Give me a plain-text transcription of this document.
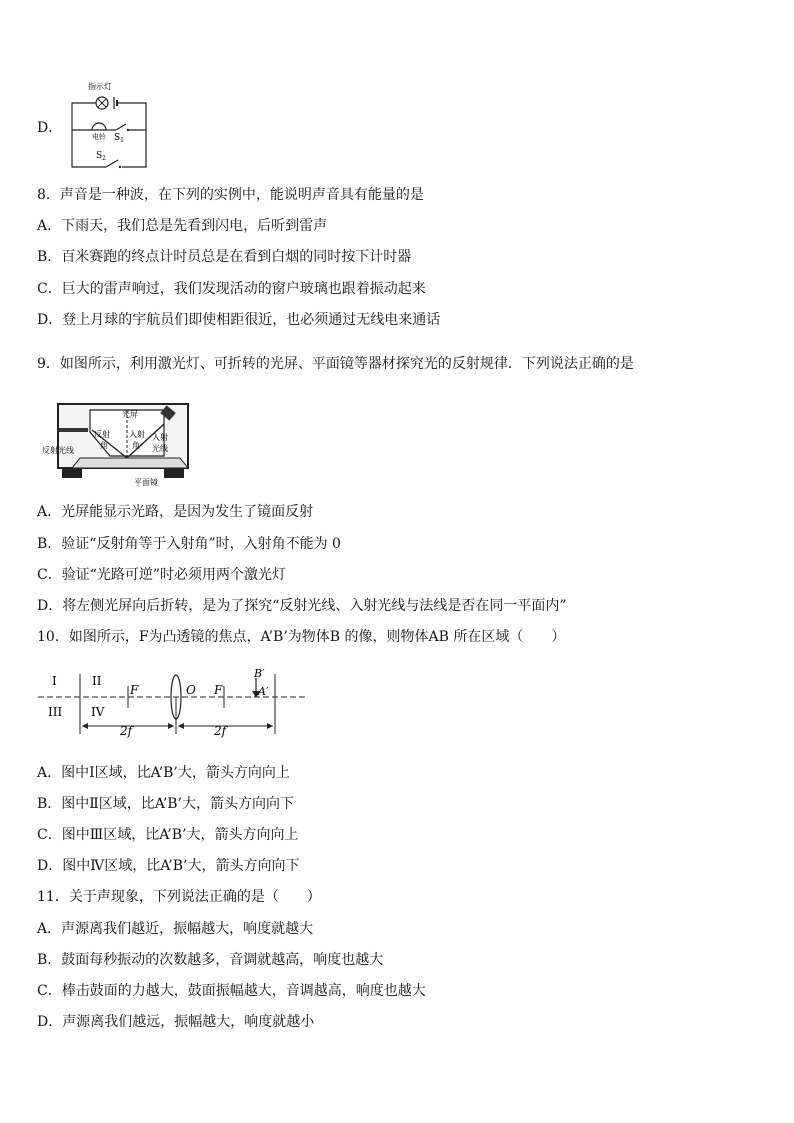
D．
指示灯
电铃 $S_1$
$S_2$
8．声音是一种波，在下列的实例中，能说明声音具有能量的是
A．下雨天，我们总是先看到闪电，后听到雷声
B．百米赛跑的终点计时员总是在看到白烟的同时按下计时器
C．巨大的雷声响过，我们发现活动的窗户玻璃也跟着振动起来
D．登上月球的宇航员们即使相距很近，也必须通过无线电来通话
9．如图所示，利用激光灯、可折转的光屏、平面镜等器材探究光的反射规律．下列说法正确的是
光屏
反射
角
入射
角
入射
光线
反射光线
平面镜
A．光屏能显示光路，是因为发生了镜面反射
B．验证“反射角等于入射角”时，入射角不能为 0
C．验证“光路可逆”时必须用两个激光灯
D．将左侧光屏向后折转，是为了探究“反射光线、入射光线与法线是否在同一平面内”
10．如图所示，F为凸透镜的焦点，A’B’为物体B 的像，则物体AB 所在区域（　　）
I	II
III IV
F	O F
B′
A′
2f	2f
A．图中Ⅰ区域，比A’B’大，箭头方向向上
B．图中Ⅱ区域，比A’B’大，箭头方向向下
C．图中Ⅲ区域，比A’B’大，箭头方向向上
D．图中Ⅳ区域，比A’B’大，箭头方向向下
11．关于声现象，下列说法正确的是（　　）
A．声源离我们越近，振幅越大，响度就越大
B．鼓面每秒振动的次数越多，音调就越高，响度也越大
C．棒击鼓面的力越大，鼓面振幅越大，音调越高，响度也越大
D．声源离我们越远，振幅越大，响度就越小
